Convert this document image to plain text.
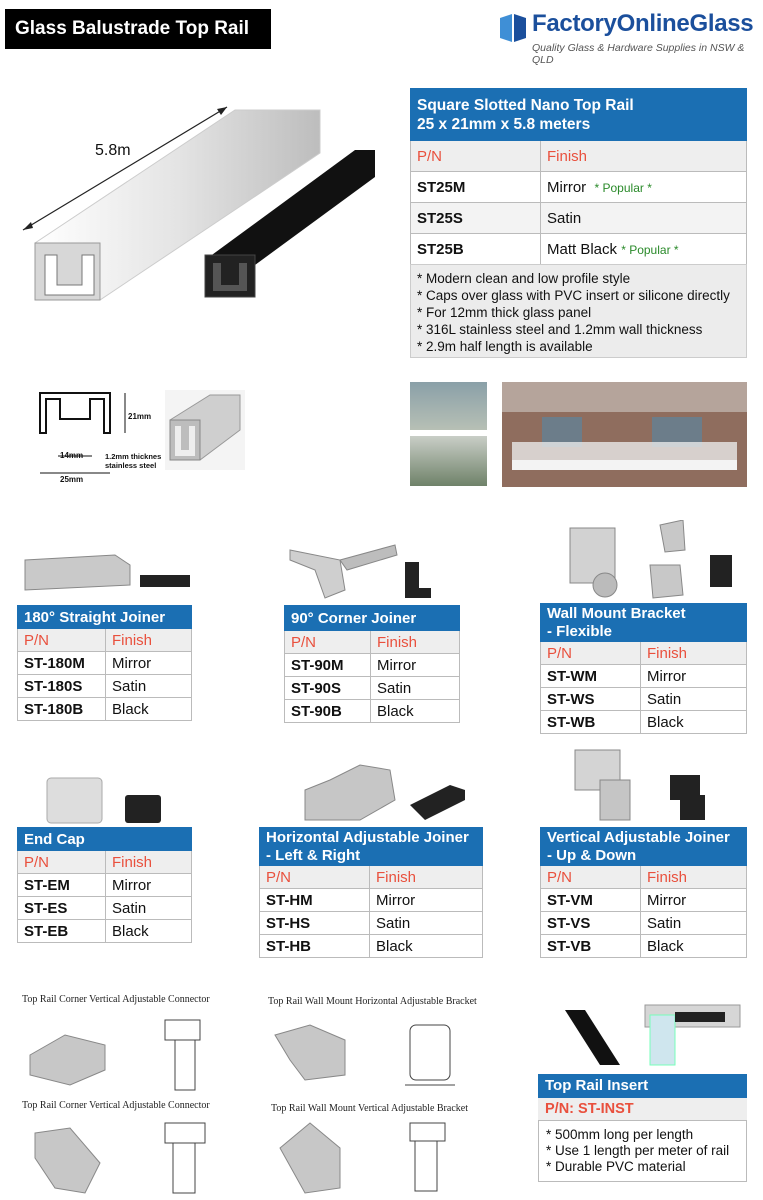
Glass Balustrade Top Rail	FactoryOnlineGlass
Quality Glass & Hardware Supplies in NSW & QLD
5.8m
Square Slotted Nano Top Rail
25 x 21mm x 5.8 meters	

P/N	Finish
ST25M	Mirror * Popular *
ST25S	Satin
ST25B	Matt Black * Popular *
* Modern clean and low profile style
* Caps over glass with PVC insert or silicone directly
* For 12mm thick glass panel
* 316L stainless steel and 1.2mm wall thickness
* 2.9m half length is available
21mm
14mm
25mm
1.2mm thicknes
stainless steel
180° Straight Joiner	
P/N	Finish
ST-180M	Mirror
ST-180S	Satin
ST-180B	Black
90° Corner Joiner	
P/N	Finish
ST-90M	Mirror
ST-90S	Satin
ST-90B	Black
Wall Mount Bracket
- Flexible	

P/N	Finish
ST-WM	Mirror
ST-WS	Satin
ST-WB	Black
End Cap	
P/N	Finish
ST-EM	Mirror
ST-ES	Satin
ST-EB	Black
Horizontal Adjustable Joiner
- Left & Right	

P/N	Finish
ST-HM	Mirror
ST-HS	Satin
ST-HB	Black
Vertical Adjustable Joiner
- Up & Down	

P/N	Finish
ST-VM	Mirror
ST-VS	Satin
ST-VB	Black
Top Rail Corner Vertical Adjustable Connector	Top Rail Wall Mount Horizontal Adjustable Bracket
Top Rail Corner Vertical Adjustable Connector	Top Rail Wall Mount Vertical Adjustable Bracket
Top Rail Insert
P/N: ST-INST
* 500mm long per length
* Use 1 length per meter of rail
* Durable PVC material
